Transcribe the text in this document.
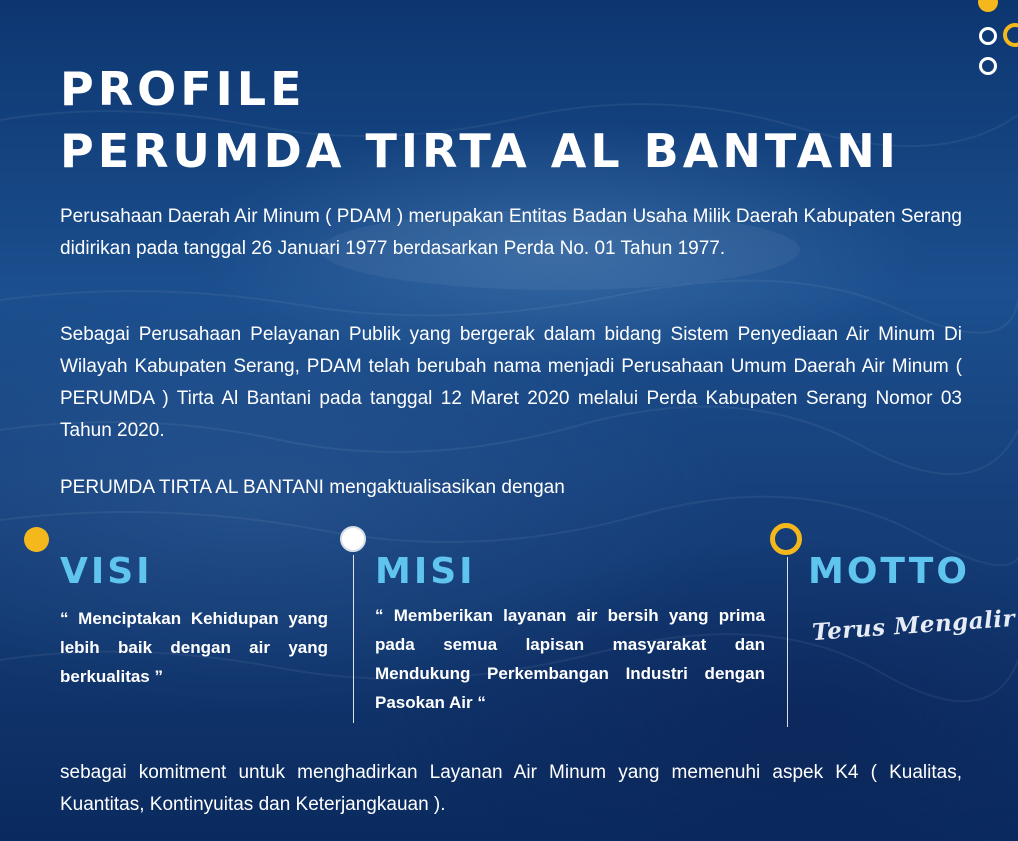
PROFILE
PERUMDA TIRTA AL BANTANI

Perusahaan Daerah Air Minum ( PDAM ) merupakan Entitas Badan Usaha Milik Daerah Kabupaten Serang didirikan pada tanggal 26 Januari 1977 berdasarkan Perda No. 01 Tahun 1977.

Sebagai Perusahaan Pelayanan Publik yang bergerak dalam bidang Sistem Penyediaan Air Minum Di Wilayah Kabupaten Serang, PDAM telah berubah nama menjadi Perusahaan Umum Daerah Air Minum ( PERUMDA ) Tirta Al Bantani pada tanggal 12 Maret 2020 melalui Perda Kabupaten Serang Nomor 03 Tahun 2020.

PERUMDA TIRTA AL BANTANI mengaktualisasikan dengan

VISI

“ Menciptakan Kehidupan yang lebih baik dengan air yang berkualitas ”

MISI

“ Memberikan layanan air bersih yang prima pada semua lapisan masyarakat dan Mendukung Perkembangan Industri dengan Pasokan Air “

MOTTO

Terus Mengalir

sebagai komitment untuk menghadirkan Layanan Air Minum yang memenuhi aspek K4 ( Kualitas, Kuantitas, Kontinyuitas dan Keterjangkauan ).
